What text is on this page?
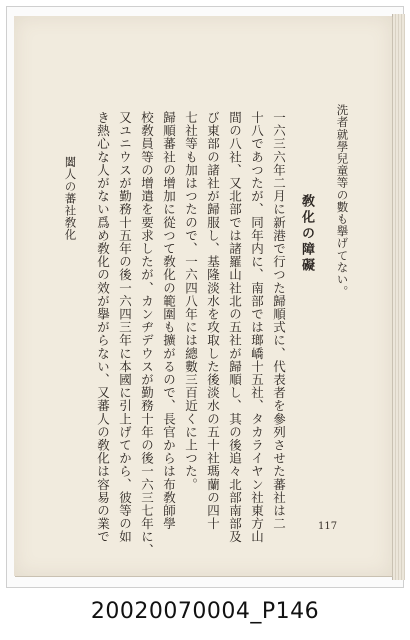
洗者就學兒童等の數も擧げてない。
敎化の障礙
一六三六年二月に新港で行つた歸順式に、代表者を參列させた蕃社は二
十八であつたが、同年内に、南部では瑯嶠十五社、タカライヤン社東方山
間の八社、又北部では諸羅山社北の五社が歸順し、其の後追々北部南部及
び東部の諸社が歸服し、基隆淡水を攻取した後淡水の五十社瑪蘭の四十
七社等も加はつたので、一六四八年には總數三百近くに上つた。
歸順蕃社の增加に從つて敎化の範圍も擴がるので、長官からは布敎師學
校敎員等の增遣を要求したが、カンヂデウスが勤務十年の後一六三七年に、
又ユニウスが勤務十五年の後一六四三年に本國に引上げてから、彼等の如
き熱心な人がない爲め敎化の效が擧がらない、又蕃人の敎化は容易の業で
闔人の蕃社敎化
117
20020070004_P146
